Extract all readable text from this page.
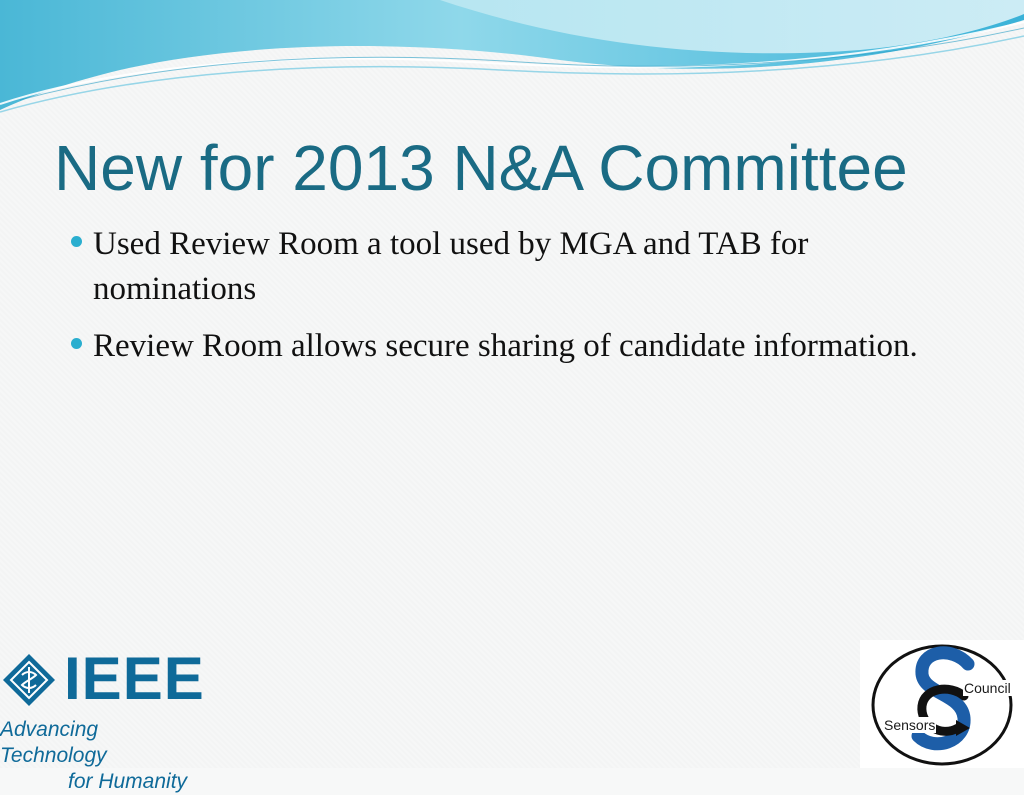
New for 2013 N&A Committee
Used Review Room a tool used by MGA and TAB for nominations
Review Room allows secure sharing of candidate information.
IEEE
Advancing Technology
for Humanity
Sensors
Council
